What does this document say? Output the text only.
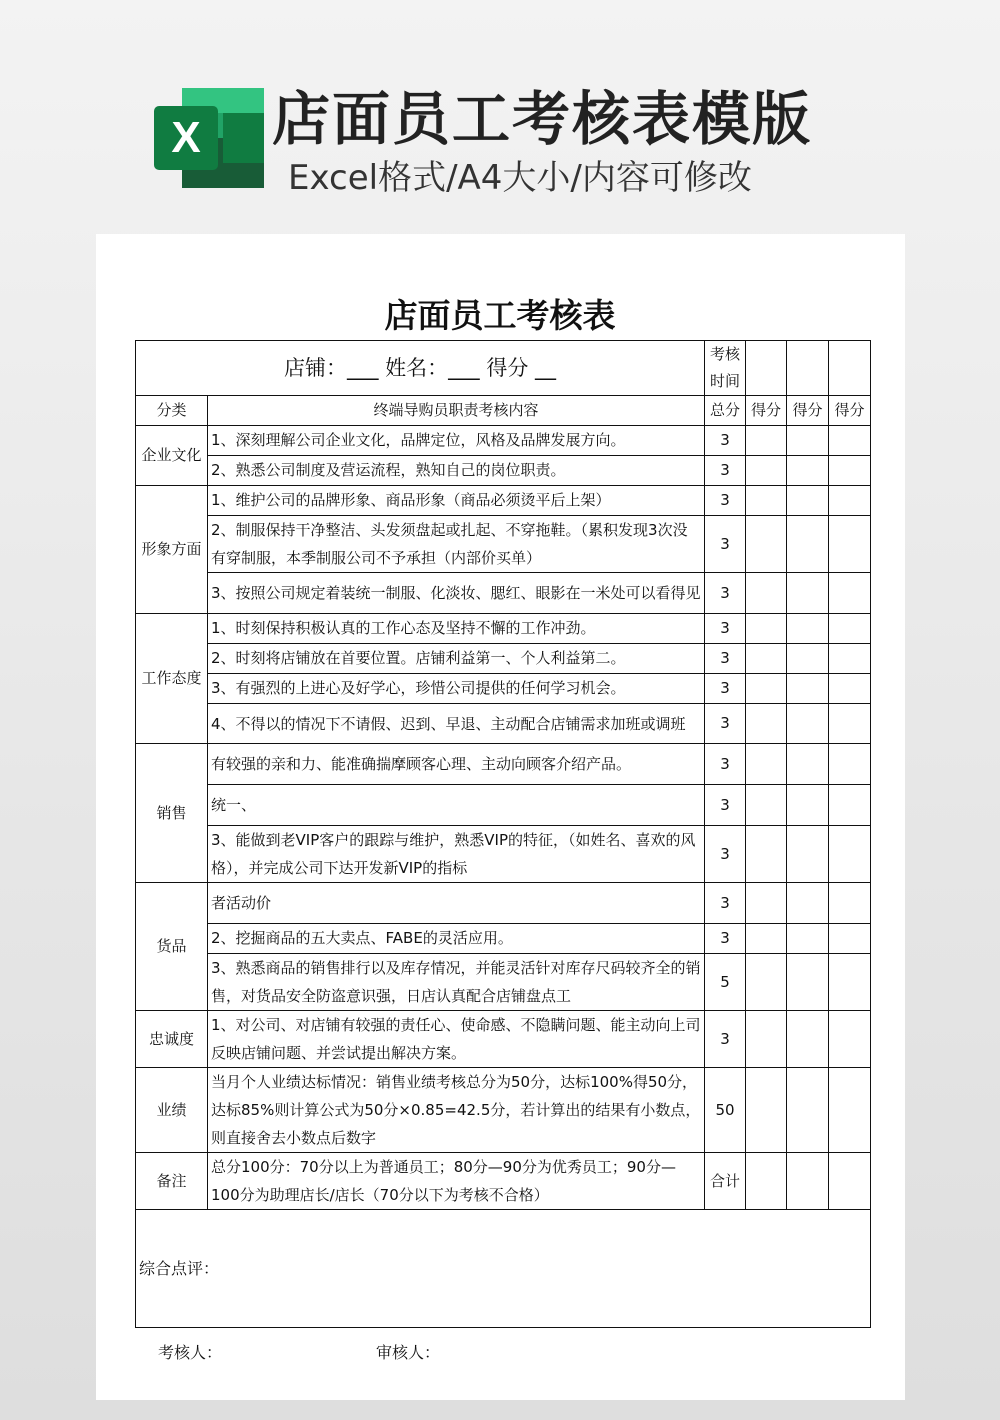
X 店面员工考核表模版
Excel格式/A4大小/内容可修改
店面员工考核表
店铺：___ 姓名：___ 得分 __		考核时间			
分类	终端导购员职责考核内容	总分	得分	得分	得分
企业文化	1、深刻理解公司企业文化，品牌定位，风格及品牌发展方向。	3			
	2、熟悉公司制度及营运流程，熟知自己的岗位职责。	3			
形象方面	1、维护公司的品牌形象、商品形象（商品必须烫平后上架）	3			
	2、制服保持干净整洁、头发须盘起或扎起、不穿拖鞋。（累积发现3次没有穿制服，本季制服公司不予承担（内部价买单）	3			
	3、按照公司规定着装统一制服、化淡妆、腮红、眼影在一米处可以看得见	3			
工作态度	1、时刻保持积极认真的工作心态及坚持不懈的工作冲劲。	3			
	2、时刻将店铺放在首要位置。店铺利益第一、个人利益第二。	3			
	3、有强烈的上进心及好学心，珍惜公司提供的任何学习机会。	3			
	4、不得以的情况下不请假、迟到、早退、主动配合店铺需求加班或调班	3			
销售	有较强的亲和力、能准确揣摩顾客心理、主动向顾客介绍产品。	3			
	统一、	3			
	3、能做到老VIP客户的跟踪与维护，熟悉VIP的特征，（如姓名、喜欢的风格），并完成公司下达开发新VIP的指标	3			
货品	者活动价	3			
	2、挖掘商品的五大卖点、FABE的灵活应用。	3			
	3、熟悉商品的销售排行以及库存情况，并能灵活针对库存尺码较齐全的销售，对货品安全防盗意识强，日店认真配合店铺盘点工	5			
忠诚度	1、对公司、对店铺有较强的责任心、使命感、不隐瞒问题、能主动向上司反映店铺问题、并尝试提出解决方案。	3			
业绩	当月个人业绩达标情况：销售业绩考核总分为50分，达标100%得50分，达标85%则计算公式为50分×0.85=42.5分，若计算出的结果有小数点，则直接舍去小数点后数字	50			
备注	总分100分：70分以上为普通员工；80分—90分为优秀员工；90分—100分为助理店长/店长（70分以下为考核不合格）	合计			
综合点评：					
考核人：	审核人：
